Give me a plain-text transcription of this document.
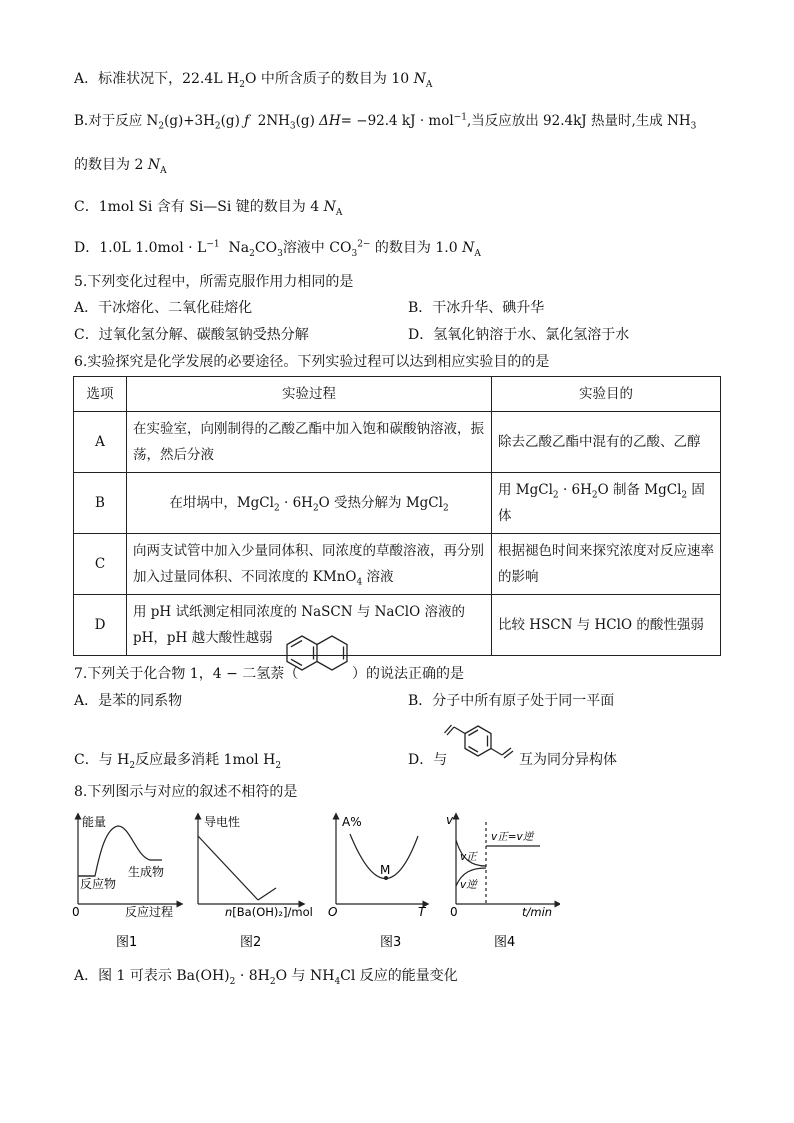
A．标准状况下，22.4L $H_2O$ 中所含质子的数目为 10 $N_A$
B.对于反应 $N_2(g)+3H_2(g)$ ƒ $2NH_3(g)$ ΔH= −92.4 kJ · mol$^{-1}$,当反应放出 92.4kJ 热量时,生成 $NH_3$
的数目为 2 $N_A$
C．1mol Si 含有 Si—Si 键的数目为 4 $N_A$
D．1.0L $1.0mol \cdot L^{-1}$ $Na_2CO_3$溶液中 $CO_3^{2-}$ 的数目为 1.0 $N_A$
5.下列变化过程中，所需克服作用力相同的是
A．干冰熔化、二氧化硅熔化	B．干冰升华、碘升华
C．过氧化氢分解、碳酸氢钠受热分解	D．氢氧化钠溶于水、氯化氢溶于水
6.实验探究是化学发展的必要途径。下列实验过程可以达到相应实验目的的是
选项	实验过程	实验目的
A	在实验室，向刚制得的乙酸乙酯中加入饱和碳酸钠溶液，振荡，然后分液	除去乙酸乙酯中混有的乙酸、乙醇
B	在坩埚中，MgCl$_2$ · $6H_2O$ 受热分解为 MgCl$_2$	用 MgCl$_2$ · $6H_2O$ 制备 MgCl$_2$ 固体
C	向两支试管中加入少量同体积、同浓度的草酸溶液，再分别加入过量同体积、不同浓度的 KMnO$_4$ 溶液	根据褪色时间来探究浓度对反应速率的影响
D	用 pH 试纸测定相同浓度的 NaSCN 与 NaClO 溶液的 pH，pH 越大酸性越弱	比较 HSCN 与 HClO 的酸性强弱
7.下列关于化合物 1，4 − 二氢萘（	）的说法正确的是
A．是苯的同系物	B．分子中所有原子处于同一平面
C．与 $H_2$反应最多消耗 1mol $H_2$	D．与	互为同分异构体
8.下列图示与对应的叙述不相符的是
能量
反应物
生成物
0	反应过程
图1
导电性
n[Ba(OH)₂]/mol
图2
A%
M
O	T
图3
v
v正=v逆
v正
v逆
0	t/min
图4
A．图 1 可表示 $Ba(OH)_2 \cdot 8H_2O$ 与 $NH_4Cl$ 反应的能量变化
